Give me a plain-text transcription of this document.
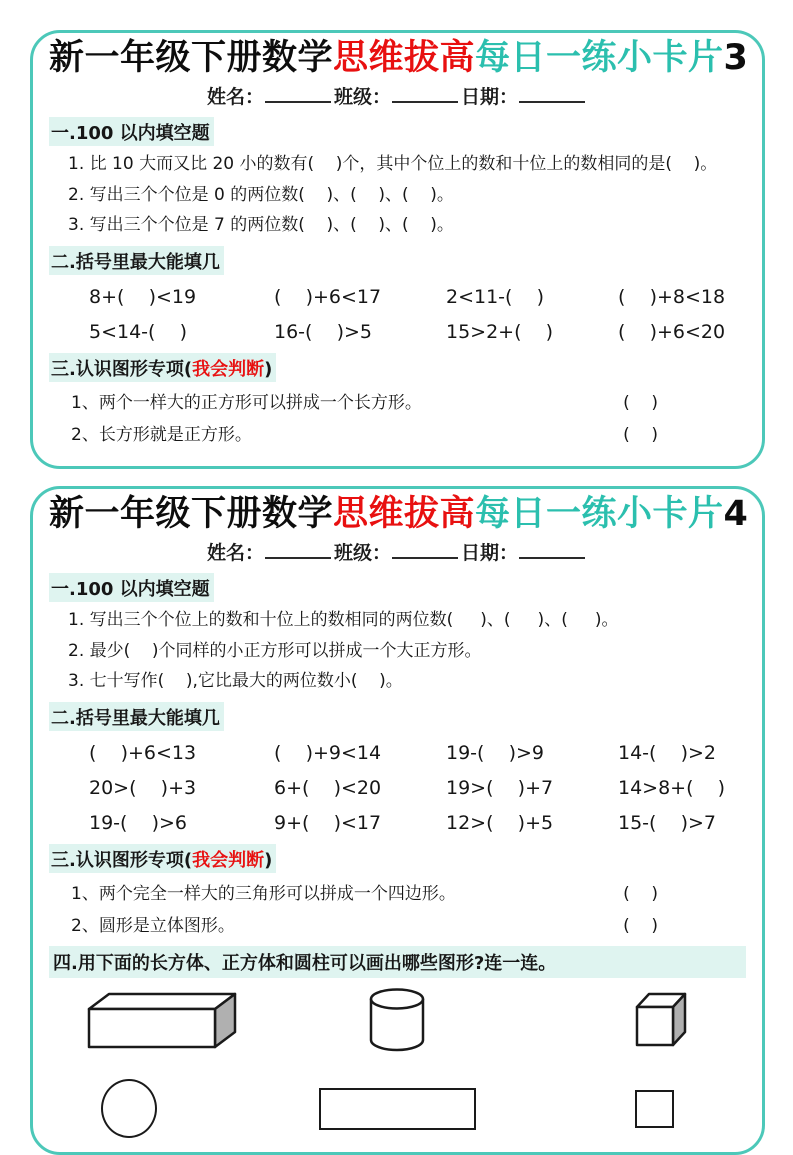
新一年级下册数学思维拔高每日一练小卡片3
姓名：	班级：	日期：
一.100 以内填空题
1. 比 10 大而又比 20 小的数有(    )个，其中个位上的数和十位上的数相同的是(    )。
2. 写出三个个位是 0 的两位数(    )、(    )、(    )。
3. 写出三个个位是 7 的两位数(    )、(    )、(    )。
二.括号里最大能填几
8+(    )<19	(    )+6<17	2<11-(    )	(    )+8<18
5<14-(    )	16-(    )>5	15>2+(    )	(    )+6<20
三.认识图形专项(我会判断)
1、两个一样大的正方形可以拼成一个长方形。	(    )
2、长方形就是正方形。	(    )
新一年级下册数学思维拔高每日一练小卡片4
姓名：	班级：	日期：
一.100 以内填空题
1. 写出三个个位上的数和十位上的数相同的两位数(     )、(     )、(     )。
2. 最少(    )个同样的小正方形可以拼成一个大正方形。
3. 七十写作(    ),它比最大的两位数小(    )。
二.括号里最大能填几
(    )+6<13	(    )+9<14	19-(    )>9	14-(    )>2
20>(    )+3	6+(    )<20	19>(    )+7	14>8+(    )
19-(    )>6	9+(    )<17	12>(    )+5	15-(    )>7
三.认识图形专项(我会判断)
1、两个完全一样大的三角形可以拼成一个四边形。	(    )
2、圆形是立体图形。	(    )
四.用下面的长方体、正方体和圆柱可以画出哪些图形?连一连。
